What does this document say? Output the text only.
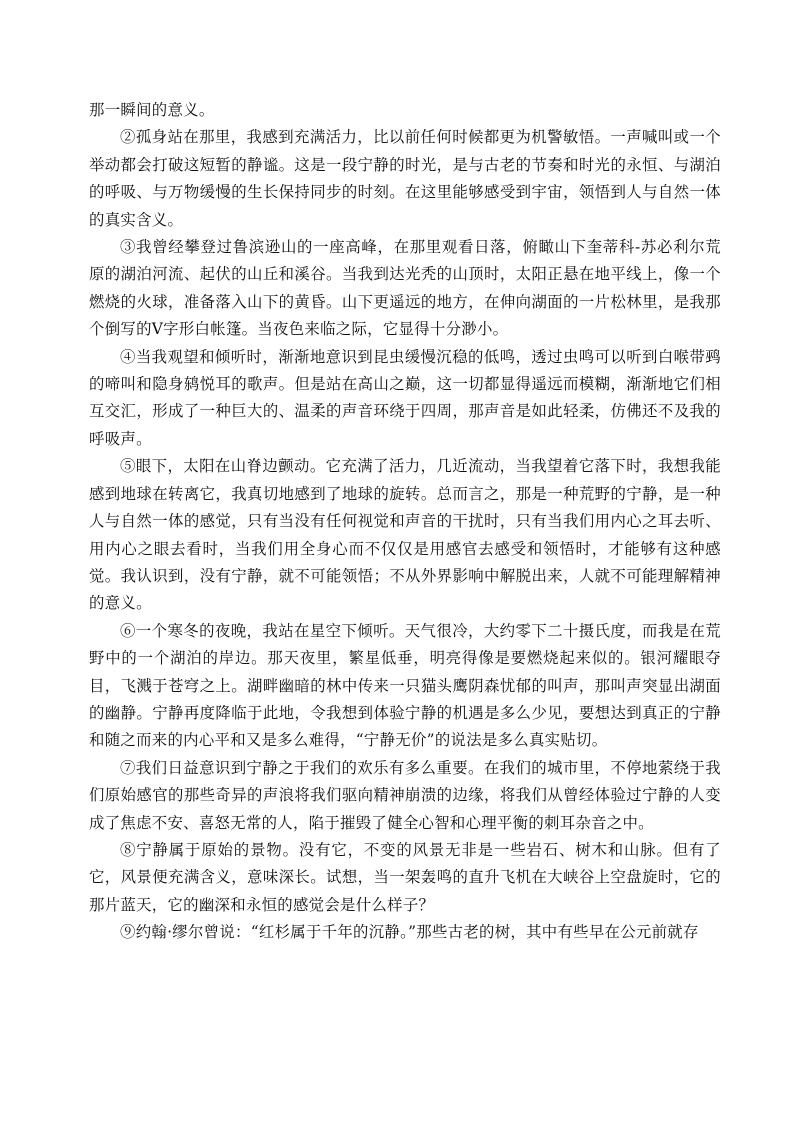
那一瞬间的意义。

②孤身站在那里，我感到充满活力，比以前任何时候都更为机警敏悟。一声喊叫或一个举动都会打破这短暂的静谧。这是一段宁静的时光，是与古老的节奏和时光的永恒、与湖泊的呼吸、与万物缓慢的生长保持同步的时刻。在这里能够感受到宇宙，领悟到人与自然一体的真实含义。

③我曾经攀登过鲁滨逊山的一座高峰，在那里观看日落，俯瞰山下奎蒂科-苏必利尔荒原的湖泊河流、起伏的山丘和溪谷。当我到达光秃的山顶时，太阳正悬在地平线上，像一个燃烧的火球，准备落入山下的黄昏。山下更遥远的地方，在伸向湖面的一片松林里，是我那个倒写的V字形白帐篷。当夜色来临之际，它显得十分渺小。

④当我观望和倾听时，渐渐地意识到昆虫缓慢沉稳的低鸣，透过虫鸣可以听到白喉带鹀的啼叫和隐身鸫悦耳的歌声。但是站在高山之巅，这一切都显得遥远而模糊，渐渐地它们相互交汇，形成了一种巨大的、温柔的声音环绕于四周，那声音是如此轻柔，仿佛还不及我的呼吸声。

⑤眼下，太阳在山脊边颤动。它充满了活力，几近流动，当我望着它落下时，我想我能感到地球在转离它，我真切地感到了地球的旋转。总而言之，那是一种荒野的宁静，是一种人与自然一体的感觉，只有当没有任何视觉和声音的干扰时，只有当我们用内心之耳去听、用内心之眼去看时，当我们用全身心而不仅仅是用感官去感受和领悟时，才能够有这种感觉。我认识到，没有宁静，就不可能领悟；不从外界影响中解脱出来，人就不可能理解精神的意义。

⑥一个寒冬的夜晚，我站在星空下倾听。天气很冷，大约零下二十摄氏度，而我是在荒野中的一个湖泊的岸边。那天夜里，繁星低垂，明亮得像是要燃烧起来似的。银河耀眼夺目，飞溅于苍穹之上。湖畔幽暗的林中传来一只猫头鹰阴森忧郁的叫声，那叫声突显出湖面的幽静。宁静再度降临于此地，令我想到体验宁静的机遇是多么少见，要想达到真正的宁静和随之而来的内心平和又是多么难得，“宁静无价”的说法是多么真实贴切。

⑦我们日益意识到宁静之于我们的欢乐有多么重要。在我们的城市里，不停地萦绕于我们原始感官的那些奇异的声浪将我们驱向精神崩溃的边缘，将我们从曾经体验过宁静的人变成了焦虑不安、喜怒无常的人，陷于摧毁了健全心智和心理平衡的刺耳杂音之中。

⑧宁静属于原始的景物。没有它，不变的风景无非是一些岩石、树木和山脉。但有了它，风景便充满含义，意味深长。试想，当一架轰鸣的直升飞机在大峡谷上空盘旋时，它的那片蓝天，它的幽深和永恒的感觉会是什么样子？

⑨约翰·缪尔曾说：“红杉属于千年的沉静。”那些古老的树，其中有些早在公元前就存
